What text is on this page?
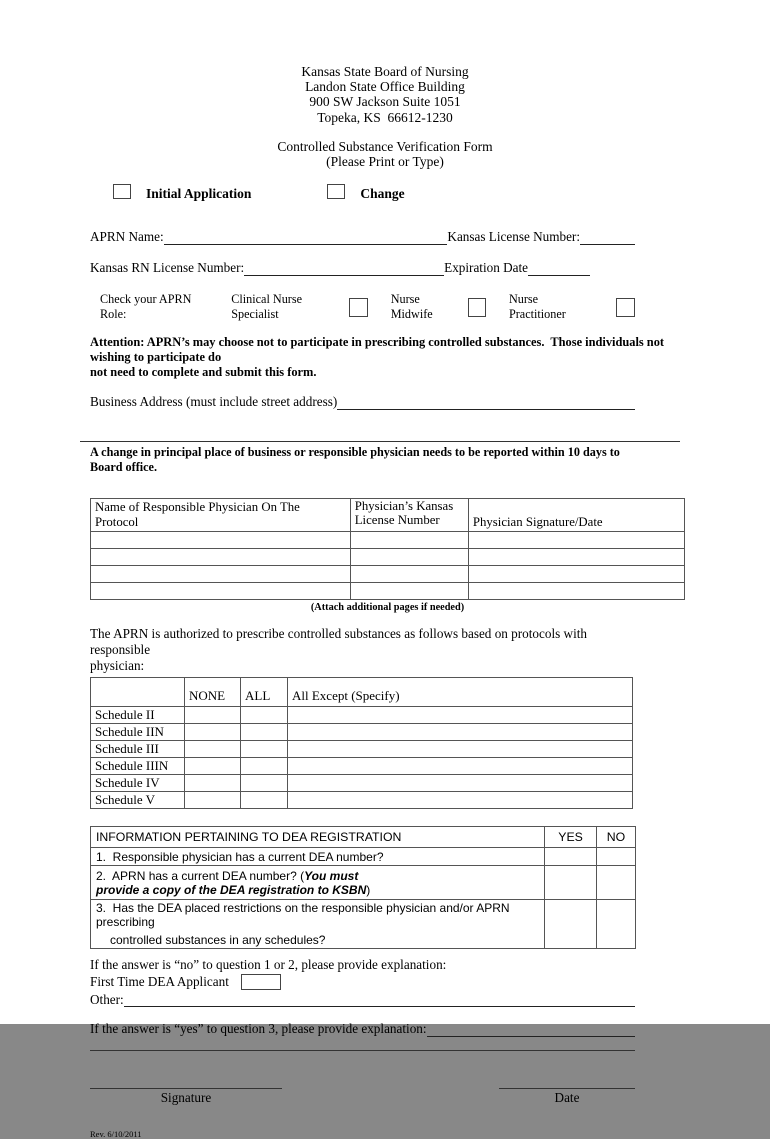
Kansas State Board of Nursing
Landon State Office Building
900 SW Jackson Suite 1051
Topeka, KS  66612-1230
Controlled Substance Verification Form
(Please Print or Type)
Initial Application	Change
APRN Name:	Kansas License Number:
Kansas RN License Number:	Expiration Date
Check your APRN Role:
Clinical Nurse Specialist
Nurse Midwife
Nurse Practitioner
Attention: APRN’s may choose not to participate in prescribing controlled substances.  Those individuals not wishing to participate do
not need to complete and submit this form.
Business Address (must include street address)
A change in principal place of business or responsible physician needs to be reported within 10 days to Board office.
Name of Responsible Physician On The Protocol	Physician’s Kansas License Number	Physician Signature/Date

(Attach additional pages if needed)
The APRN is authorized to prescribe controlled substances as follows based on protocols with responsible
physician:
	NONE	ALL	All Except (Specify)
Schedule II			
Schedule IIN			
Schedule III			
Schedule IIIN			
Schedule IV			
Schedule V			
INFORMATION PERTAINING TO DEA REGISTRATION	YES	NO
1.  Responsible physician has a current DEA number?		

2.  APRN has a current DEA number? (You must
provide a copy of the DEA registration to KSBN)		

3.  Has the DEA placed restrictions on the responsible physician and/or APRN prescribing
controlled substances in any schedules?		

If the answer is “no” to question 1 or 2, please provide explanation:
First Time DEA Applicant
Other:
If the answer is “yes” to question 3, please provide explanation:
Signature	Date
Rev. 6/10/2011
